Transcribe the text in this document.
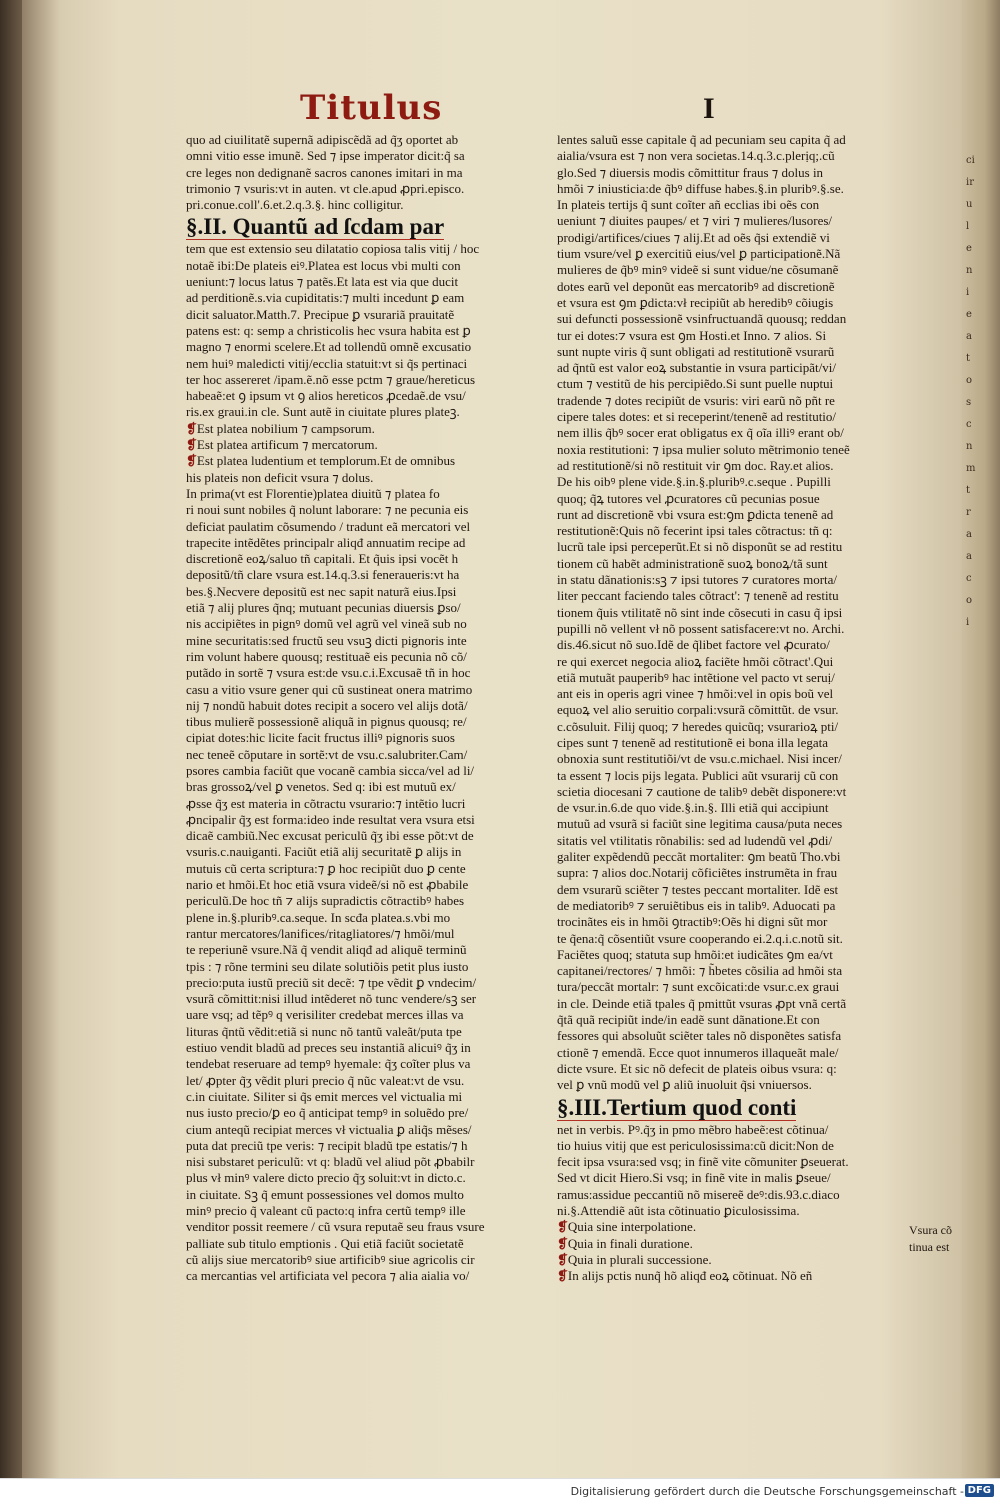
ci
ir
u
l
e
n
i
e
a
t
o
s
c
n
m
t
r
a
a
c
o
i
Titulus	I
quo ad ciuilitatẽ supernã adipiscẽdã ad q̃ʒ oportet ab
omni vitio esse imunẽ. Sed ⁊ ipse imperator dicit:q̃ sa
cre leges non dedignanẽ sacros canones imitari in ma
trimonio ⁊ vsuris:vt in auten. vt cle.apud ꝓpri.episco.
pri.conue.coll'.6.et.2.q.3.§. hinc colligitur.
§.II. Quantũ ad ſcdam par
tem que est extensio seu dilatatio copiosa talis vitij / hoc
notaẽ ibi:De plateis eiꝰ.Platea est locus vbi multi con
ueniunt:⁊ locus latus ⁊ patẽs.Et lata est via que ducit
ad perditionẽ.s.via cupiditatis:⁊ multi incedunt ꝑ eam
dicit saluator.Matth.7. Precipue ꝑ vsurariã prauitatẽ
patens est: q: semp a christicolis hec vsura habita est ꝑ
magno ⁊ enormi scelere.Et ad tollendũ omnẽ excusatio
nem huiꝰ maledicti vitij/ecclia statuit:vt si q̃s pertinaci
ter hoc assereret /ipam.ẽ.nõ esse pctm ⁊ graue/hereticus
habeaẽ:et ꝯ ipsum vt ꝯ alios hereticos ꝓcedaẽ.de vsu/
ris.ex graui.in cle. Sunt autẽ in ciuitate plures plateꝫ.
❡Est platea nobilium ⁊ campsorum.
❡Est platea artificum ⁊ mercatorum.
❡Est platea ludentium et templorum.Et de omnibus
his plateis non deficit vsura ⁊ dolus.
In prima(vt est Florentie)platea diuitũ ⁊ platea fo
ri noui sunt nobiles q̃ nolunt laborare: ⁊ ne pecunia eis
deficiat paulatim cõsumendo / tradunt eã mercatori vel
trapecite intẽdẽtes principalr aliqđ annuatim recipe ad
discretionẽ eoꝝ/saluo tñ capitali. Et q̃uis ipsi vocẽt h
depositũ/tñ clare vsura est.14.q.3.si feneraueris:vt ha
bes.§.Necvere depositũ est nec sapit naturã eius.Ipsi
etiã ⁊ alij plures q̃nq; mutuant pecunias diuersis ꝑso/
nis accipiẽtes in pignꝰ domũ vel agrũ vel vineã sub no
mine securitatis:sed fructũ seu vsuꝫ dicti pignoris inte
rim volunt habere quousq; restituaẽ eis pecunia nõ cõ/
putãdo in sortẽ ⁊ vsura est:de vsu.c.i.Excusaẽ tñ in hoc
casu a vitio vsure gener qui cũ sustineat onera matrimo
nij ⁊ nondũ habuit dotes recipit a socero vel alijs dotã/
tibus mulierẽ possessionẽ aliquã in pignus quousq; re/
cipiat dotes:hic licite facit fructus illiꝰ pignoris suos
nec teneẽ cõputare in sortẽ:vt de vsu.c.salubriter.Cam/
psores cambia faciũt que vocanẽ cambia sicca/vel ad li/
bras grossoꝝ/vel ꝑ venetos. Sed q: ibi est mutuũ ex/
ꝓsse q̃ʒ est materia in cõtractu vsurario:⁊ intẽtio lucri
ꝓncipalir q̃ʒ est forma:ideo inde resultat vera vsura etsi
dicaẽ cambiũ.Nec excusat periculũ q̃ʒ ibi esse põt:vt de
vsuris.c.nauiganti. Faciũt etiã alij securitatẽ ꝑ alijs in
mutuis cũ certa scriptura:⁊ ꝑ hoc recipiũt duo ꝑ cente
nario et hmõi.Et hoc etiã vsura videẽ/si nõ est ꝓbabile
periculũ.De hoc tñ ⁊ alijs supradictis cõtractibꝰ habes
plene in.§.pluribꝰ.ca.seque. In scđa platea.s.vbi mo
rantur mercatores/lanifices/ritagliatores/⁊ hmõi/mul
te reperiunẽ vsure.Nã q̃ vendit aliqđ ad aliquẽ terminũ
tpis : ⁊ rõne termini seu dilate solutiõis petit plus iusto
precio:puta iustũ preciũ sit decẽ: ⁊ tpe vẽdit ꝑ vndecim/
vsurã cõmittit:nisi illud intẽderet nõ tunc vendere/sꝫ ser
uare vsq; ad tẽpꝰ q verisiliter credebat merces illas va
lituras q̃ntũ vẽdit:etiã si nunc nõ tantũ valeãt/puta tpe
estiuo vendit bladũ ad preces seu instantiã alicuiꝰ q̃ʒ in
tendebat reseruare ad tempꝰ hyemale: q̃ʒ coĩter plus va
let/ ꝓpter q̃ʒ vẽdit pluri precio q̃ nũc valeat:vt de vsu.
c.in ciuitate. Siliter si q̃s emit merces vel victualia mi
nus iusto precio/ꝑ eo q̃ anticipat tempꝰ in soluẽdo pre/
cium anteqũ recipiat merces vł victualia ꝑ aliq̃s mẽses/
puta dat preciũ tpe veris: ⁊ recipit bladũ tpe estatis/⁊ h
nisi substaret periculũ: vt q: bladũ vel aliud põt ꝓbabilr
plus vł minꝰ valere dicto precio q̃ʒ soluit:vt in dicto.c.
in ciuitate. Sꝫ q̃ emunt possessiones vel domos multo
minꝰ precio q̃ valeant cũ pacto:q infra certũ tempꝰ ille
venditor possit reemere / cũ vsura reputaẽ seu fraus vsure
palliate sub titulo emptionis . Qui etiã faciũt societatẽ
cũ alijs siue mercatoribꝰ siue artificibꝰ siue agricolis cir
ca mercantias vel artificiata vel pecora ⁊ alia aialia vo/
lentes saluũ esse capitale q̃ ad pecuniam seu capita q̃ ad
aialia/vsura est ⁊ non vera societas.14.q.3.c.plerịq;.cũ
glo.Sed ⁊ diuersis modis cõmittitur fraus ⁊ dolus in
hmõi ⁊ iniusticia:de q̃bꝰ diffuse habes.§.in pluribꝰ.§.se.
In plateis tertijs q̃ sunt coĩter añ ecclias ibi oẽs con
ueniunt ⁊ diuites paupes/ et ⁊ viri ⁊ mulieres/lusores/
prodigi/artifices/ciues ⁊ alij.Et ad oẽs q̃si extendiẽ vi
tium vsure/vel ꝑ exercitiũ eius/vel ꝑ participationẽ.Nã
mulieres de q̃bꝰ minꝰ videẽ si sunt vidue/ne cõsumanẽ
dotes earũ vel deponũt eas mercatoribꝰ ad discretionẽ
et vsura est ꝯm ꝑdicta:vł recipiũt ab heredibꝰ cõiugis
sui defuncti possessionẽ vsinfructuandã quousq; reddan
tur ei dotes:⁊ vsura est ꝯm Hosti.et Inno. ⁊ alios. Si
sunt nupte viris q̃ sunt obligati ad restitutionẽ vsurarũ
ad q̃ntũ est valor eoꝝ substantie in vsura participãt/vi/
ctum ⁊ vestitũ de his percipiẽdo.Si sunt puelle nuptui
tradende ⁊ dotes recipiũt de vsuris: viri earũ nõ pñt re
cipere tales dotes: et si receperint/tenenẽ ad restitutio/
nem illis q̃bꝰ socer erat obligatus ex q̃ oĩa illiꝰ erant ob/
noxia restitutioni: ⁊ ipsa mulier soluto mẽtrimonio teneẽ
ad restitutionẽ/si nõ restituit vir ꝯm doc. Ray.et alios.
De his oibꝰ plene vide.§.in.§.pluribꝰ.c.seque . Pupilli
quoq; q̃ꝝ tutores vel ꝓcuratores cũ pecunias posue
runt ad discretionẽ vbi vsura est:ꝯm ꝑdicta tenenẽ ad
restitutionẽ:Quis nõ fecerint ipsi tales cõtractus: tñ q:
lucrũ tale ipsi perceperũt.Et si nõ disponũt se ad restitu
tionem cũ habẽt administrationẽ suoꝝ bonoꝝ/tã sunt
in statu dãnationis:sꝫ ⁊ ipsi tutores ⁊ curatores morta/
liter peccant faciendo tales cõtract': ⁊ tenenẽ ad restitu
tionem q̃uis vtilitatẽ nõ sint inde cõsecuti in casu q̃ ipsi
pupilli nõ vellent vł nõ possent satisfacere:vt no. Archi.
dis.46.sicut nõ suo.Idẽ de q̃libet factore vel ꝓcurato/
re qui exercet negocia alioꝝ faciẽte hmõi cõtract'.Qui
etiã mutuãt pauperibꝰ hac intẽtione vel pacto vt seruị/
ant eis in operis agri vinee ⁊ hmõi:vel in opis boũ vel
equoꝝ vel alio seruitio corpali:vsurã cõmittũt. de vsur.
c.cõsuluit. Filij quoq; ⁊ heredes quicũq; vsurarioꝝ pti/
cipes sunt ⁊ tenenẽ ad restitutionẽ ei bona illa legata
obnoxia sunt restitutiõi/vt de vsu.c.michael. Nisi incer/
ta essent ⁊ locis pijs legata. Publici aũt vsurarij cũ con
scietia diocesani ⁊ cautione de talibꝰ debẽt disponere:vt
de vsur.in.6.de quo vide.§.in.§. Illi etiã qui accipiunt
mutuũ ad vsurã si faciũt sine legitima causa/puta neces
sitatis vel vtilitatis rõnabilis: sed ad ludendũ vel ꝓdi/
galiter expẽdendũ peccãt mortaliter: ꝯm beatũ Tho.vbi
supra: ⁊ alios doc.Notarij cõficiẽtes instrumẽta in frau
dem vsurarũ sciẽter ⁊ testes peccant mortaliter. Idẽ est
de mediatoribꝰ ⁊ seruiẽtibus eis in talibꝰ. Aduocati pa
trocinãtes eis in hmõi ꝯtractibꝰ:Oẽs hi digni sũt mor
te q̃ena:q̃ cõsentiũt vsure cooperando ei.2.q.i.c.notũ sit.
Faciẽtes quoq; statuta sup hmõi:et iudicãtes ꝯm ea/vt
capitanei/rectores/ ⁊ hmõi: ⁊ h̃betes cõsilia ad hmõi sta
tura/peccãt mortalr: ⁊ sunt excõicati:de vsur.c.ex graui
in cle. Deinde etiã tpales q̃ pmittũt vsuras ꝓpt vnã certã
q̃tã quã recipiũt inde/in eadẽ sunt dãnatione.Et con
fessores qui absoluũt sciẽter tales nõ disponẽtes satisfa
ctionẽ ⁊ emendã. Ecce quot innumeros illaqueãt male/
dicte vsure. Et sic nõ defecit de plateis oibus vsura: q:
vel ꝑ vnũ modũ vel ꝑ aliũ inuoluit q̃si vniuersos.
§.III.Tertium quod conti
net in verbis. Pꝰ.q̃ʒ in pmo mẽbro habeẽ:est cõtinua/
tio huius vitij que est periculosissima:cũ dicit:Non de
fecit ipsa vsura:sed vsq; in finẽ vite cõmuniter ꝑseuerat.
Sed vt dicit Hiero.Si vsq; in finẽ vite in malis ꝑseue/
ramus:assidue peccantiũ nõ misereẽ deꝰ:dis.93.c.diaco
ni.§.Attendiẽ aũt ista cõtinuatio ꝑiculosissima.
❡Quia sine interpolatione.
❡Quia in finali duratione.
❡Quia in plurali successione.
❡In alijs pctis nunq̃ hõ aliqđ eoꝝ cõtinuat. Nõ eñ
Vsura cõ
tinua est
Digitalisierung gefördert durch die Deutsche Forschungsgemeinschaft - DFG
